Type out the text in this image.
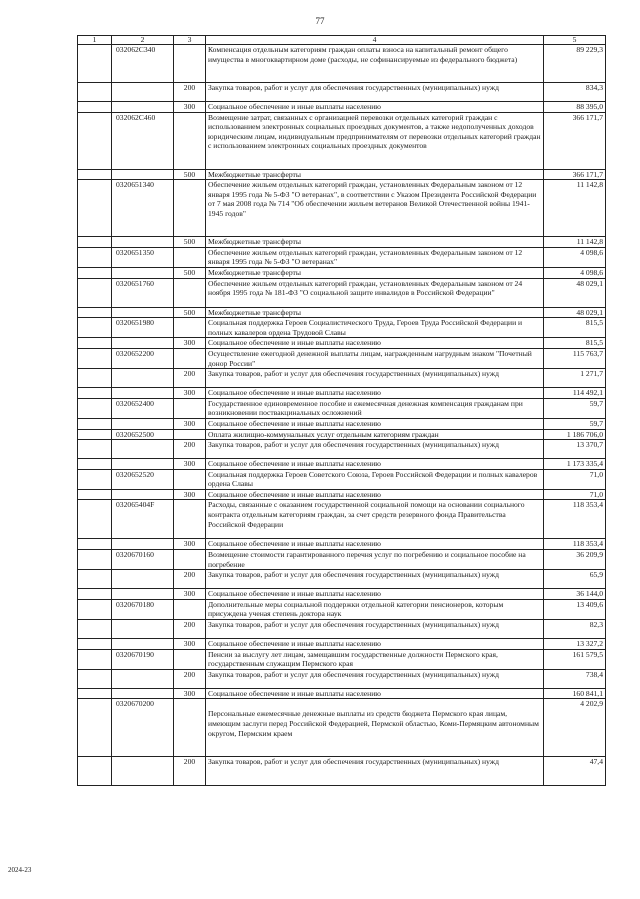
77
1	2	3	4	5
	032062С340		Компенсация отдельным категориям граждан оплаты взноса на капитальный ремонт общего имущества в многоквартирном доме (расходы, не софинансируемые из федерального бюджета)	89 229,3
		200	Закупка товаров, работ и услуг для обеспечения государственных (муниципальных) нужд	834,3
		300	Социальное обеспечение и иные выплаты населению	88 395,0
	032062С460		Возмещение затрат, связанных с организацией перевозки отдельных категорий граждан с использованием электронных социальных проездных документов, а также недополученных доходов юридическим лицам, индивидуальным предпринимателям от перевозки отдельных категорий граждан с использованием электронных социальных проездных документов	366 171,7
		500	Межбюджетные трансферты	366 171,7
	0320651340		Обеспечение жильем отдельных категорий граждан, установленных Федеральным законом от 12 января 1995 года № 5-ФЗ "О ветеранах", в соответствии с Указом Президента Российской Федерации от 7 мая 2008 года № 714 "Об обеспечении жильем ветеранов Великой Отечественной войны 1941-1945 годов"	11 142,8
		500	Межбюджетные трансферты	11 142,8
	0320651350		Обеспечение жильем отдельных категорий граждан, установленных Федеральным законом от 12 января 1995 года № 5-ФЗ "О ветеранах"	4 098,6
		500	Межбюджетные трансферты	4 098,6
	0320651760		Обеспечение жильем отдельных категорий граждан, установленных Федеральным законом от 24 ноября 1995 года № 181-ФЗ "О социальной защите инвалидов в Российской Федерации"	48 029,1
		500	Межбюджетные трансферты	48 029,1
	0320651980		Социальная поддержка Героев Социалистического Труда, Героев Труда Российской Федерации и полных кавалеров ордена Трудовой Славы	815,5
		300	Социальное обеспечение и иные выплаты населению	815,5
	0320652200		Осуществление ежегодной денежной выплаты лицам, награжденным нагрудным знаком "Почетный донор России"	115 763,7
		200	Закупка товаров, работ и услуг для обеспечения государственных (муниципальных) нужд	1 271,7
		300	Социальное обеспечение и иные выплаты населению	114 492,1
	0320652400		Государственное единовременное пособие и ежемесячная денежная компенсация гражданам при возникновении поствакцинальных осложнений	59,7
		300	Социальное обеспечение и иные выплаты населению	59,7
	0320652500		Оплата жилищно-коммунальных услуг отдельным категориям граждан	1 186 706,0
		200	Закупка товаров, работ и услуг для обеспечения государственных (муниципальных) нужд	13 370,7
		300	Социальное обеспечение и иные выплаты населению	1 173 335,4
	0320652520		Социальная поддержка Героев Советского Союза, Героев Российской Федерации и полных кавалеров ордена Славы	71,0
		300	Социальное обеспечение и иные выплаты населению	71,0
	032065404F		Расходы, связанные с оказанием государственной социальной помощи на основании социального контракта отдельным категориям граждан, за счет средств резервного фонда Правительства Российской Федерации	118 353,4
		300	Социальное обеспечение и иные выплаты населению	118 353,4
	0320670160		Возмещение стоимости гарантированного перечня услуг по погребению и социальное пособие на погребение	36 209,9
		200	Закупка товаров, работ и услуг для обеспечения государственных (муниципальных) нужд	65,9
		300	Социальное обеспечение и иные выплаты населению	36 144,0
	0320670180		Дополнительные меры социальной поддержки отдельной категории пенсионеров, которым присуждена ученая степень доктора наук	13 409,6
		200	Закупка товаров, работ и услуг для обеспечения государственных (муниципальных) нужд	82,3
		300	Социальное обеспечение и иные выплаты населению	13 327,2
	0320670190		Пенсии за выслугу лет лицам, замещавшим государственные должности Пермского края, государственным служащим Пермского края	161 579,5
		200	Закупка товаров, работ и услуг для обеспечения государственных (муниципальных) нужд	738,4
		300	Социальное обеспечение и иные выплаты населению	160 841,1
	0320670200		Персональные ежемесячные денежные выплаты из средств бюджета Пермского края лицам, имеющим заслуги перед Российской Федерацией, Пермской областью, Коми-Пермяцким автономным округом, Пермским краем	4 202,9
		200	Закупка товаров, работ и услуг для обеспечения государственных (муниципальных) нужд	47,4
2024-23
